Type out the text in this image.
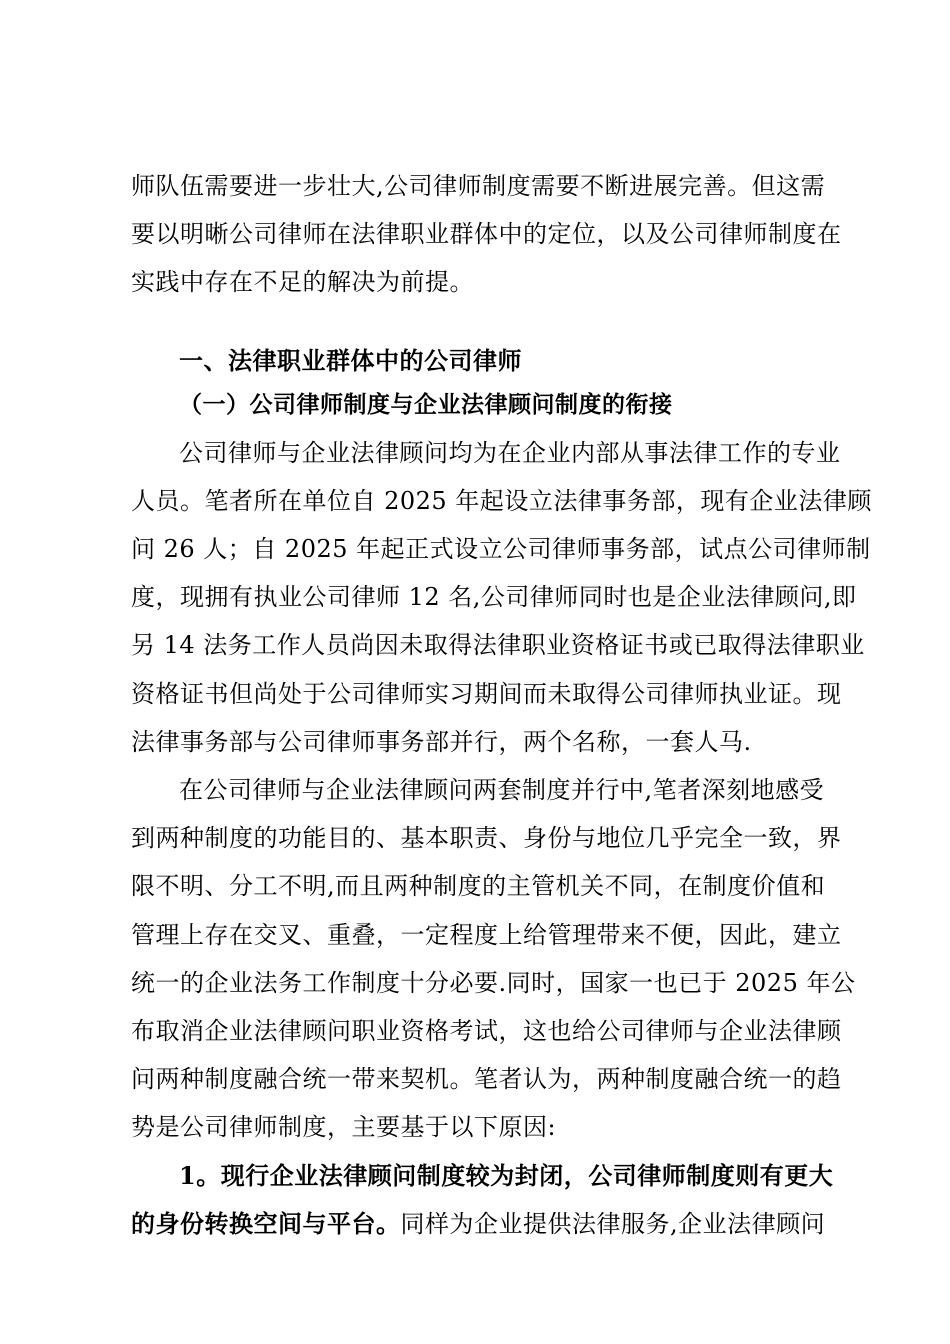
师队伍需要进一步壮大,公司律师制度需要不断进展完善。但这需
要以明晰公司律师在法律职业群体中的定位，以及公司律师制度在
实践中存在不足的解决为前提。

一、法律职业群体中的公司律师
（一）公司律师制度与企业法律顾问制度的衔接

公司律师与企业法律顾问均为在企业内部从事法律工作的专业
人员。笔者所在单位自 2025 年起设立法律事务部，现有企业法律顾
问 26 人；自 2025 年起正式设立公司律师事务部，试点公司律师制
度，现拥有执业公司律师 12 名,公司律师同时也是企业法律顾问,即
另 14 法务工作人员尚因未取得法律职业资格证书或已取得法律职业
资格证书但尚处于公司律师实习期间而未取得公司律师执业证。现
法律事务部与公司律师事务部并行，两个名称，一套人马.

在公司律师与企业法律顾问两套制度并行中,笔者深刻地感受
到两种制度的功能目的、基本职责、身份与地位几乎完全一致，界
限不明、分工不明,而且两种制度的主管机关不同，在制度价值和
管理上存在交叉、重叠，一定程度上给管理带来不便，因此，建立
统一的企业法务工作制度十分必要.同时，国家一也已于 2025 年公
布取消企业法律顾问职业资格考试，这也给公司律师与企业法律顾
问两种制度融合统一带来契机。笔者认为，两种制度融合统一的趋
势是公司律师制度，主要基于以下原因:

1。现行企业法律顾问制度较为封闭，公司律师制度则有更大
的身份转换空间与平台。同样为企业提供法律服务,企业法律顾问
